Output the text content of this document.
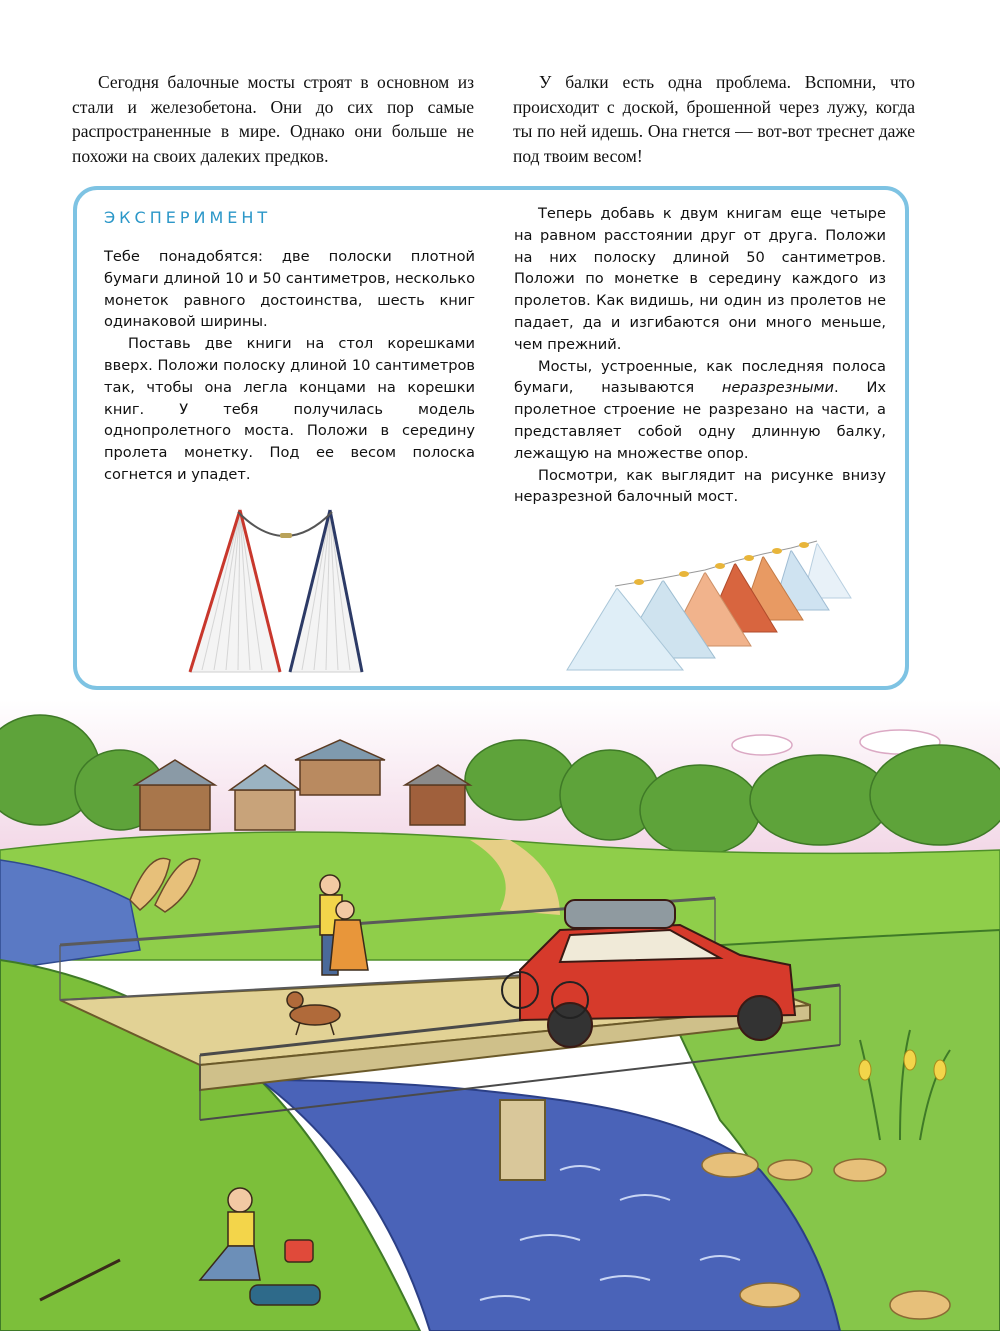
Сегодня балочные мосты строят в основном из стали и железобетона. Они до сих пор самые распространенные в мире. Однако они больше не похожи на своих далеких предков.

У балки есть одна проблема. Вспомни, что происходит с доской, брошенной через лужу, когда ты по ней идешь. Она гнется — вот-вот треснет даже под твоим весом!

ЭКСПЕРИМЕНТ

Тебе понадобятся: две полоски плотной бумаги длиной 10 и 50 сантиметров, несколько монеток равного достоинства, шесть книг одинаковой ширины.

Поставь две книги на стол корешками вверх. Положи полоску длиной 10 сантиметров так, чтобы она легла концами на корешки книг. У тебя получилась модель однопролетного моста. Положи в середину пролета монетку. Под ее весом полоска согнется и упадет.

Теперь добавь к двум книгам еще четыре на равном расстоянии друг от друга. Положи на них полоску длиной 50 сантиметров. Положи по монетке в середину каждого из пролетов. Как видишь, ни один из пролетов не падает, да и изгибаются они много меньше, чем прежний.

Мосты, устроенные, как последняя полоса бумаги, называются неразрезными. Их пролетное строение не разрезано на части, а представляет собой одну длинную балку, лежащую на множестве опор.

Посмотри, как выглядит на рисунке внизу неразрезной балочный мост.
